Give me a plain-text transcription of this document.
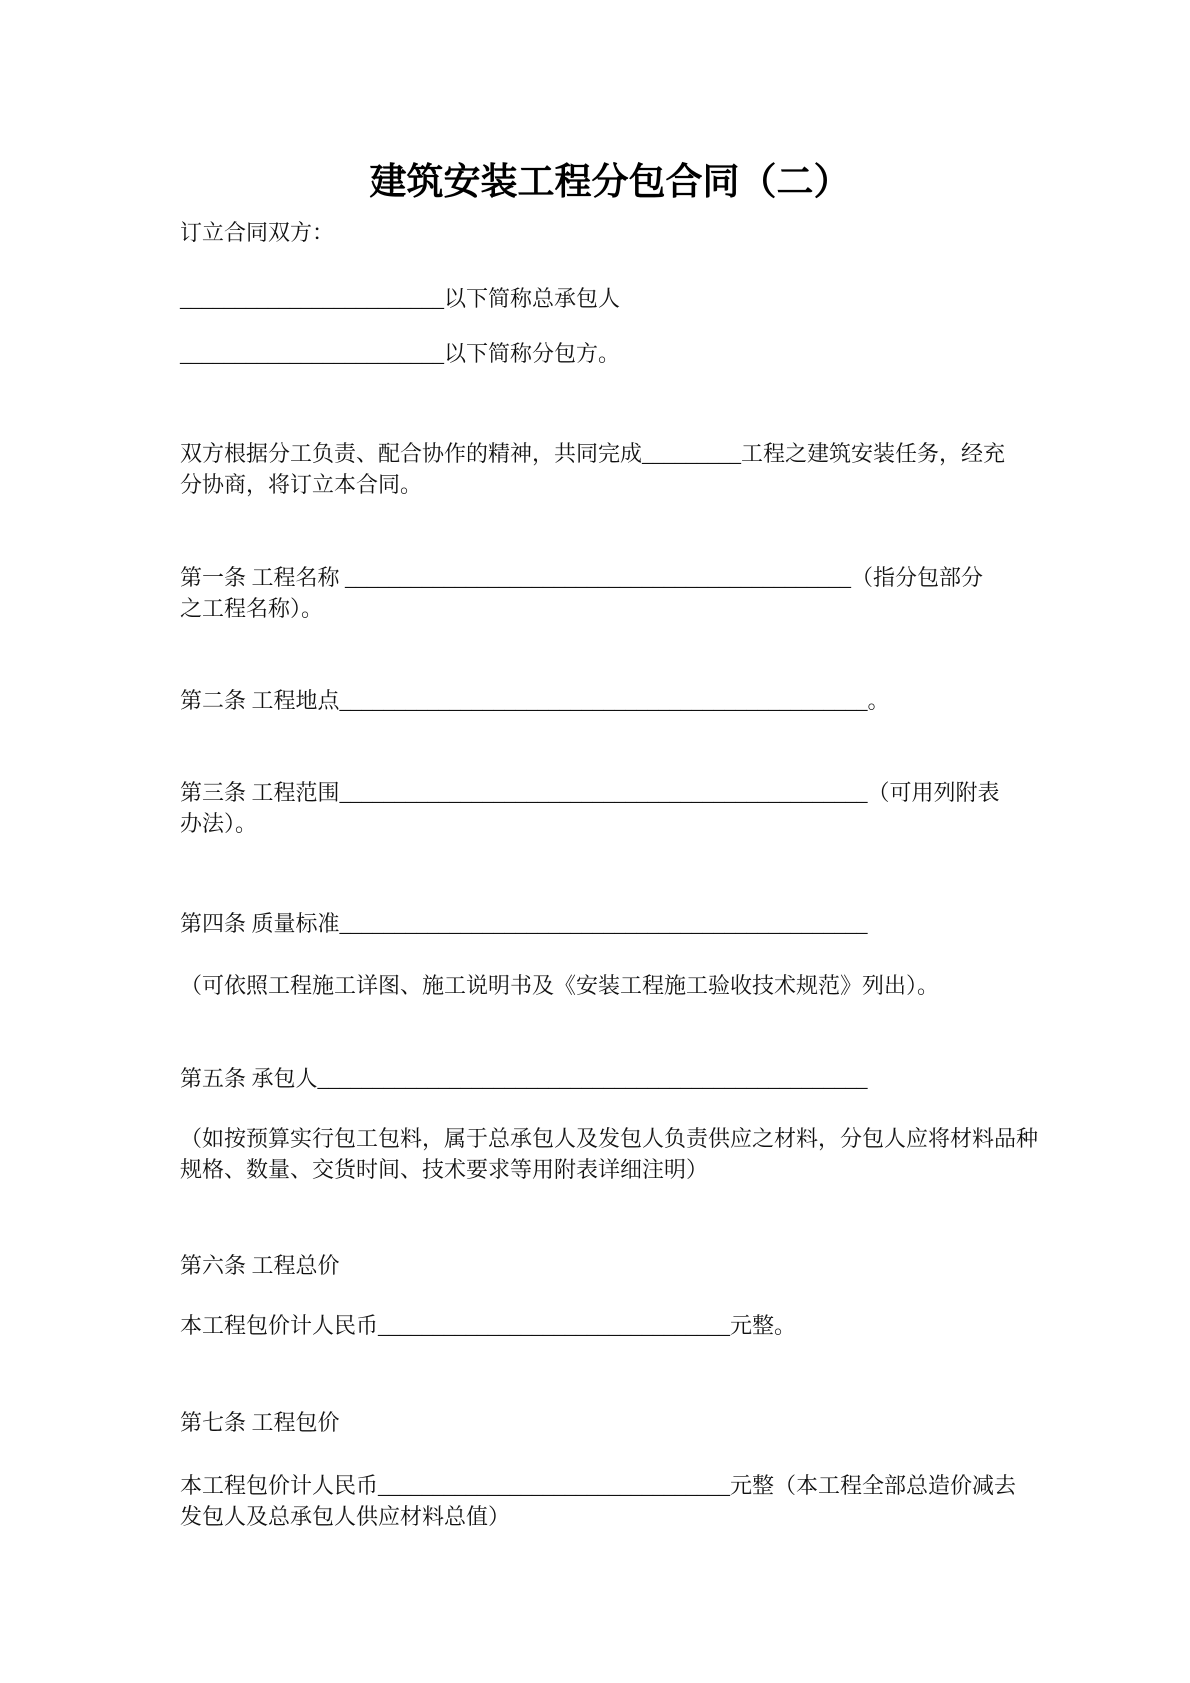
建筑安装工程分包合同（二）

订立合同双方：

________________________以下简称总承包人

________________________以下简称分包方。

双方根据分工负责、配合协作的精神，共同完成_________工程之建筑安装任务，经充
分协商，将订立本合同。

第一条 工程名称 ______________________________________________（指分包部分
之工程名称）。

第二条 工程地点________________________________________________。

第三条 工程范围________________________________________________（可用列附表
办法）。

第四条 质量标准________________________________________________

（可依照工程施工详图、施工说明书及《安装工程施工验收技术规范》列出）。

第五条 承包人__________________________________________________

（如按预算实行包工包料，属于总承包人及发包人负责供应之材料，分包人应将材料品种
规格、数量、交货时间、技术要求等用附表详细注明）

第六条 工程总价

本工程包价计人民币________________________________元整。

第七条 工程包价

本工程包价计人民币________________________________元整（本工程全部总造价减去
发包人及总承包人供应材料总值）
